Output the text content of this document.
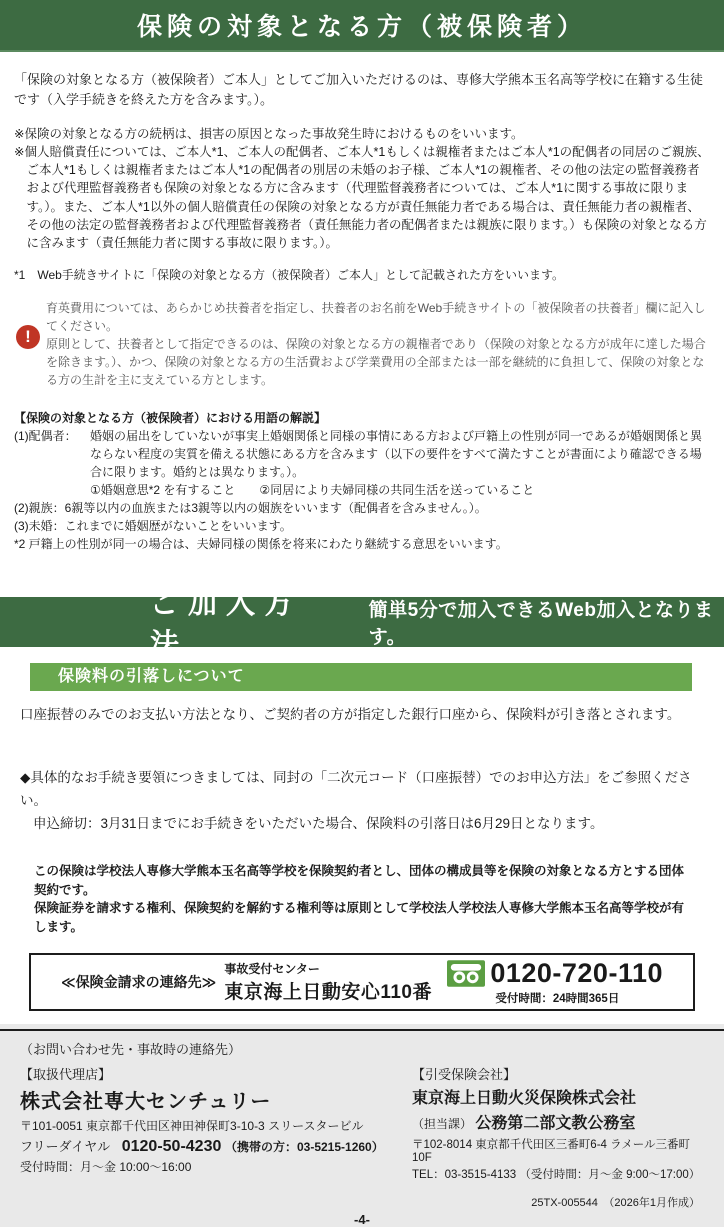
保険の対象となる方（被保険者）

「保険の対象となる方（被保険者）ご本人」としてご加入いただけるのは、専修大学熊本玉名高等学校に在籍する生徒です（入学手続きを終えた方を含みます。）。

※保険の対象となる方の続柄は、損害の原因となった事故発生時におけるものをいいます。

※個人賠償責任については、ご本人*1、ご本人の配偶者、ご本人*1もしくは親権者またはご本人*1の配偶者の同居のご親族、ご本人*1もしくは親権者またはご本人*1の配偶者の別居の未婚のお子様、ご本人*1の親権者、その他の法定の監督義務者および代理監督義務者も保険の対象となる方に含みます（代理監督義務者については、ご本人*1に関する事故に限ります。）。また、ご本人*1以外の個人賠償責任の保険の対象となる方が責任無能力者である場合は、責任無能力者の親権者、その他の法定の監督義務者および代理監督義務者（責任無能力者の配偶者または親族に限ります。）も保険の対象となる方に含みます（責任無能力者に関する事故に限ります。）。

*1　Web手続きサイトに「保険の対象となる方（被保険者）ご本人」として記載された方をいいます。

!

育英費用については、あらかじめ扶養者を指定し、扶養者のお名前をWeb手続きサイトの「被保険者の扶養者」欄に記入してください。

原則として、扶養者として指定できるのは、保険の対象となる方の親権者であり（保険の対象となる方が成年に達した場合を除きます。）、かつ、保険の対象となる方の生活費および学業費用の全部または一部を継続的に負担して、保険の対象となる方の生計を主に支えている方とします。

【保険の対象となる方（被保険者）における用語の解説】

(1)配偶者： 婚姻の届出をしていないが事実上婚姻関係と同様の事情にある方および戸籍上の性別が同一であるが婚姻関係と異ならない程度の実質を備える状態にある方を含みます（以下の要件をすべて満たすことが書面により確認できる場合に限ります。婚約とは異なります。）。

①婚姻意思*2 を有すること　　②同居により夫婦同様の共同生活を送っていること

(2)親族：6親等以内の血族または3親等以内の姻族をいいます（配偶者を含みません。）。

(3)未婚：これまでに婚姻歴がないことをいいます。

*2 戸籍上の性別が同一の場合は、夫婦同様の関係を将来にわたり継続する意思をいいます。

ご加入方法
簡単5分で加入できるWeb加入となります。
保険料の引落しについて

口座振替のみでのお支払い方法となり、ご契約者の方が指定した銀行口座から、保険料が引き落とされます。

◆具体的なお手続き要領につきましては、同封の「二次元コード（口座振替）でのお申込方法」をご参照ください。

申込締切：3月31日までにお手続きをいただいた場合、保険料の引落日は6月29日となります。

この保険は学校法人専修大学熊本玉名高等学校を保険契約者とし、団体の構成員等を保険の対象となる方とする団体契約です。

保険証券を請求する権利、保険契約を解約する権利等は原則として学校法人学校法人専修大学熊本玉名高等学校が有します。

≪保険金請求の連絡先≫
事故受付センター
東京海上日動安心110番
0120-720-110
受付時間：24時間365日

（お問い合わせ先・事故時の連絡先）

【取扱代理店】

株式会社専大センチュリー

〒101-0051 東京都千代田区神田神保町3-10-3 スリースタービル

フリーダイヤル 0120-50-4230 （携帯の方：03-5215-1260）

受付時間：月～金 10:00～16:00

【引受保険会社】

東京海上日動火災保険株式会社

（担当課） 公務第二部文教公務室

〒102-8014 東京都千代田区三番町6-4 ラメール三番町10F

TEL：03-3515-4133 （受付時間：月～金 9:00～17:00）

25TX-005544　（2026年1月作成）

-4-
